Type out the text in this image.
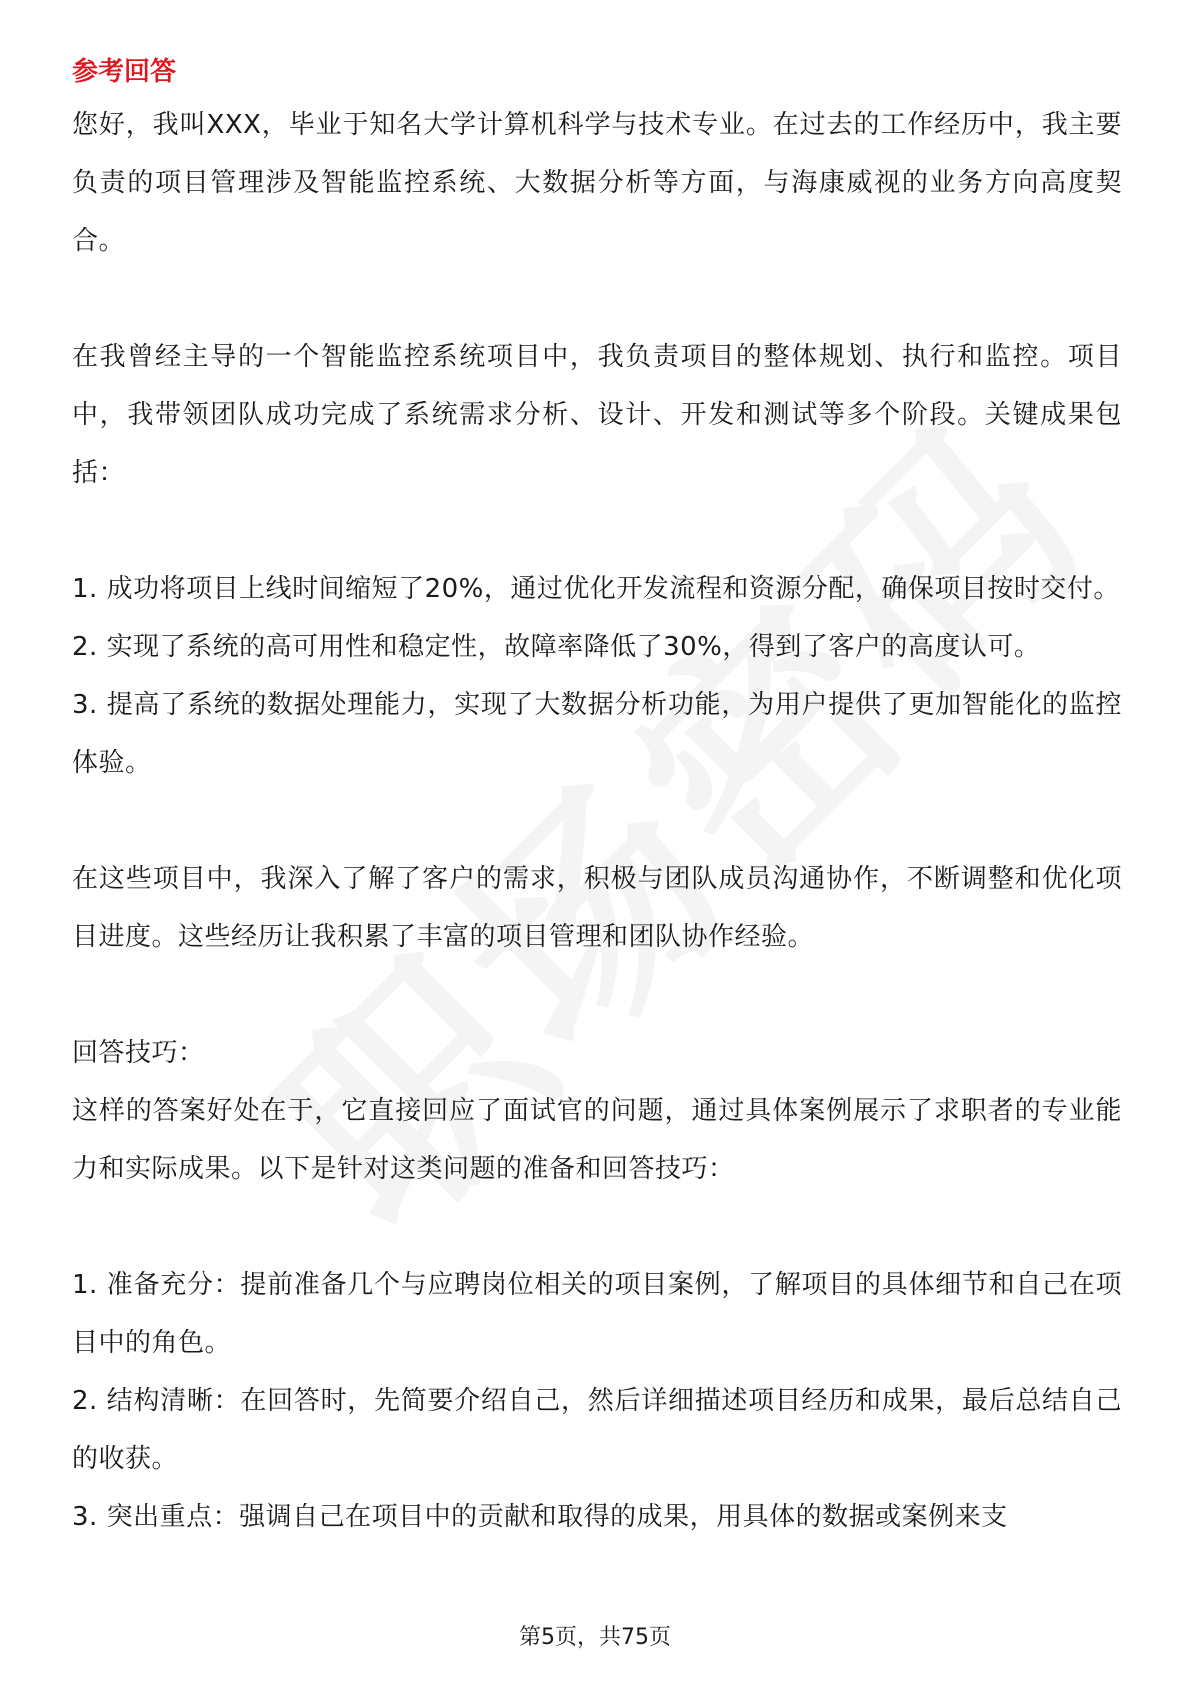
参考回答

您好，我叫XXX，毕业于知名大学计算机科学与技术专业。在过去的工作经历中，我主要负责的项目管理涉及智能监控系统、大数据分析等方面，与海康威视的业务方向高度契合。

在我曾经主导的一个智能监控系统项目中，我负责项目的整体规划、执行和监控。项目中，我带领团队成功完成了系统需求分析、设计、开发和测试等多个阶段。关键成果包括：

1. 成功将项目上线时间缩短了20%，通过优化开发流程和资源分配，确保项目按时交付。

2. 实现了系统的高可用性和稳定性，故障率降低了30%，得到了客户的高度认可。

3. 提高了系统的数据处理能力，实现了大数据分析功能，为用户提供了更加智能化的监控体验。

在这些项目中，我深入了解了客户的需求，积极与团队成员沟通协作，不断调整和优化项目进度。这些经历让我积累了丰富的项目管理和团队协作经验。

回答技巧：

这样的答案好处在于，它直接回应了面试官的问题，通过具体案例展示了求职者的专业能力和实际成果。以下是针对这类问题的准备和回答技巧：

1. 准备充分：提前准备几个与应聘岗位相关的项目案例，了解项目的具体细节和自己在项目中的角色。

2. 结构清晰：在回答时，先简要介绍自己，然后详细描述项目经历和成果，最后总结自己的收获。

3. 突出重点：强调自己在项目中的贡献和取得的成果，用具体的数据或案例来支

第5页，共75页
